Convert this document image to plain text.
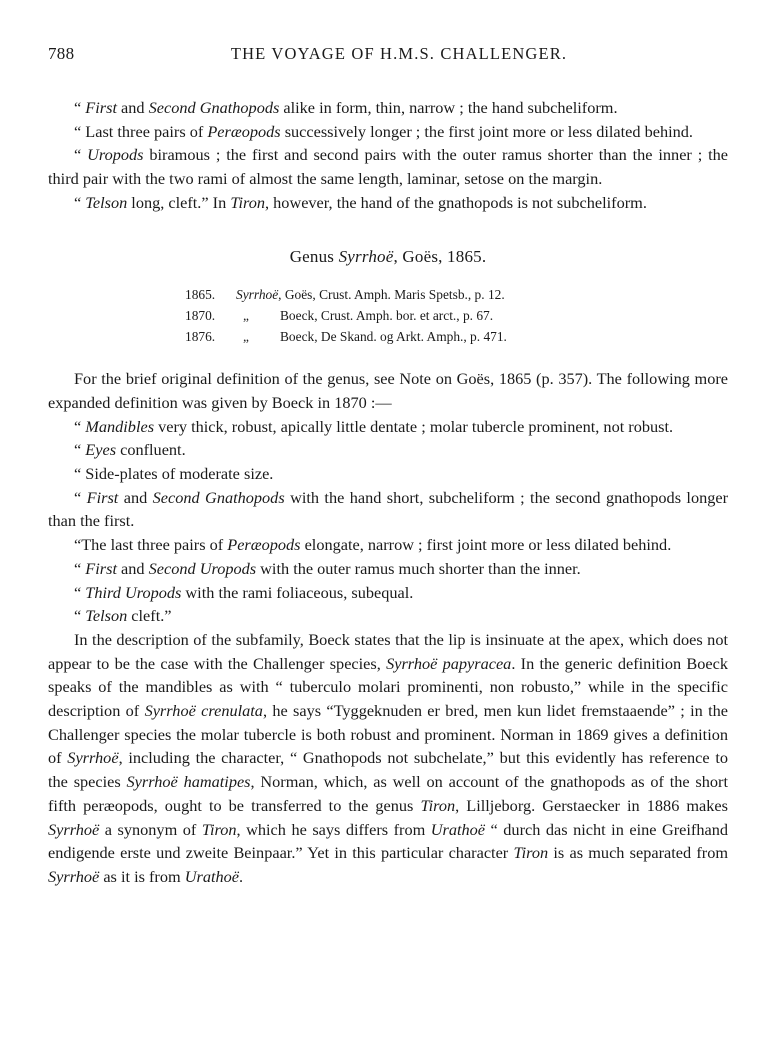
788	THE VOYAGE OF H.M.S. CHALLENGER.

“ First and Second Gnathopods alike in form, thin, narrow ; the hand subcheliform.

“ Last three pairs of Peræopods successively longer ; the first joint more or less dilated behind.

“ Uropods biramous ; the first and second pairs with the outer ramus shorter than the inner ; the third pair with the two rami of almost the same length, laminar, setose on the margin.

“ Telson long, cleft.” In Tiron, however, the hand of the gnathopods is not subcheliform.

Genus Syrrhoë, Goës, 1865.

1865. Syrrhoë, Goës, Crust. Amph. Maris Spetsb., p. 12.
1870. „ Boeck, Crust. Amph. bor. et arct., p. 67.
1876. „ Boeck, De Skand. og Arkt. Amph., p. 471.

For the brief original definition of the genus, see Note on Goës, 1865 (p. 357). The following more expanded definition was given by Boeck in 1870 :—

“ Mandibles very thick, robust, apically little dentate ; molar tubercle prominent, not robust.

“ Eyes confluent.

“ Side-plates of moderate size.

“ First and Second Gnathopods with the hand short, subcheliform ; the second gnathopods longer than the first.

“The last three pairs of Peræopods elongate, narrow ; first joint more or less dilated behind.

“ First and Second Uropods with the outer ramus much shorter than the inner.

“ Third Uropods with the rami foliaceous, subequal.

“ Telson cleft.”

In the description of the subfamily, Boeck states that the lip is insinuate at the apex, which does not appear to be the case with the Challenger species, Syrrhoë papyracea. In the generic definition Boeck speaks of the mandibles as with “ tuberculo molari prominenti, non robusto,” while in the specific description of Syrrhoë crenulata, he says “Tyggeknuden er bred, men kun lidet fremstaaende” ; in the Challenger species the molar tubercle is both robust and prominent. Norman in 1869 gives a definition of Syrrhoë, including the character, “ Gnathopods not subchelate,” but this evidently has reference to the species Syrrhoë hamatipes, Norman, which, as well on account of the gnathopods as of the short fifth peræopods, ought to be transferred to the genus Tiron, Lilljeborg. Gerstaecker in 1886 makes Syrrhoë a synonym of Tiron, which he says differs from Urathoë “ durch das nicht in eine Greifhand endigende erste und zweite Beinpaar.” Yet in this particular character Tiron is as much separated from Syrrhoë as it is from Urathoë.
